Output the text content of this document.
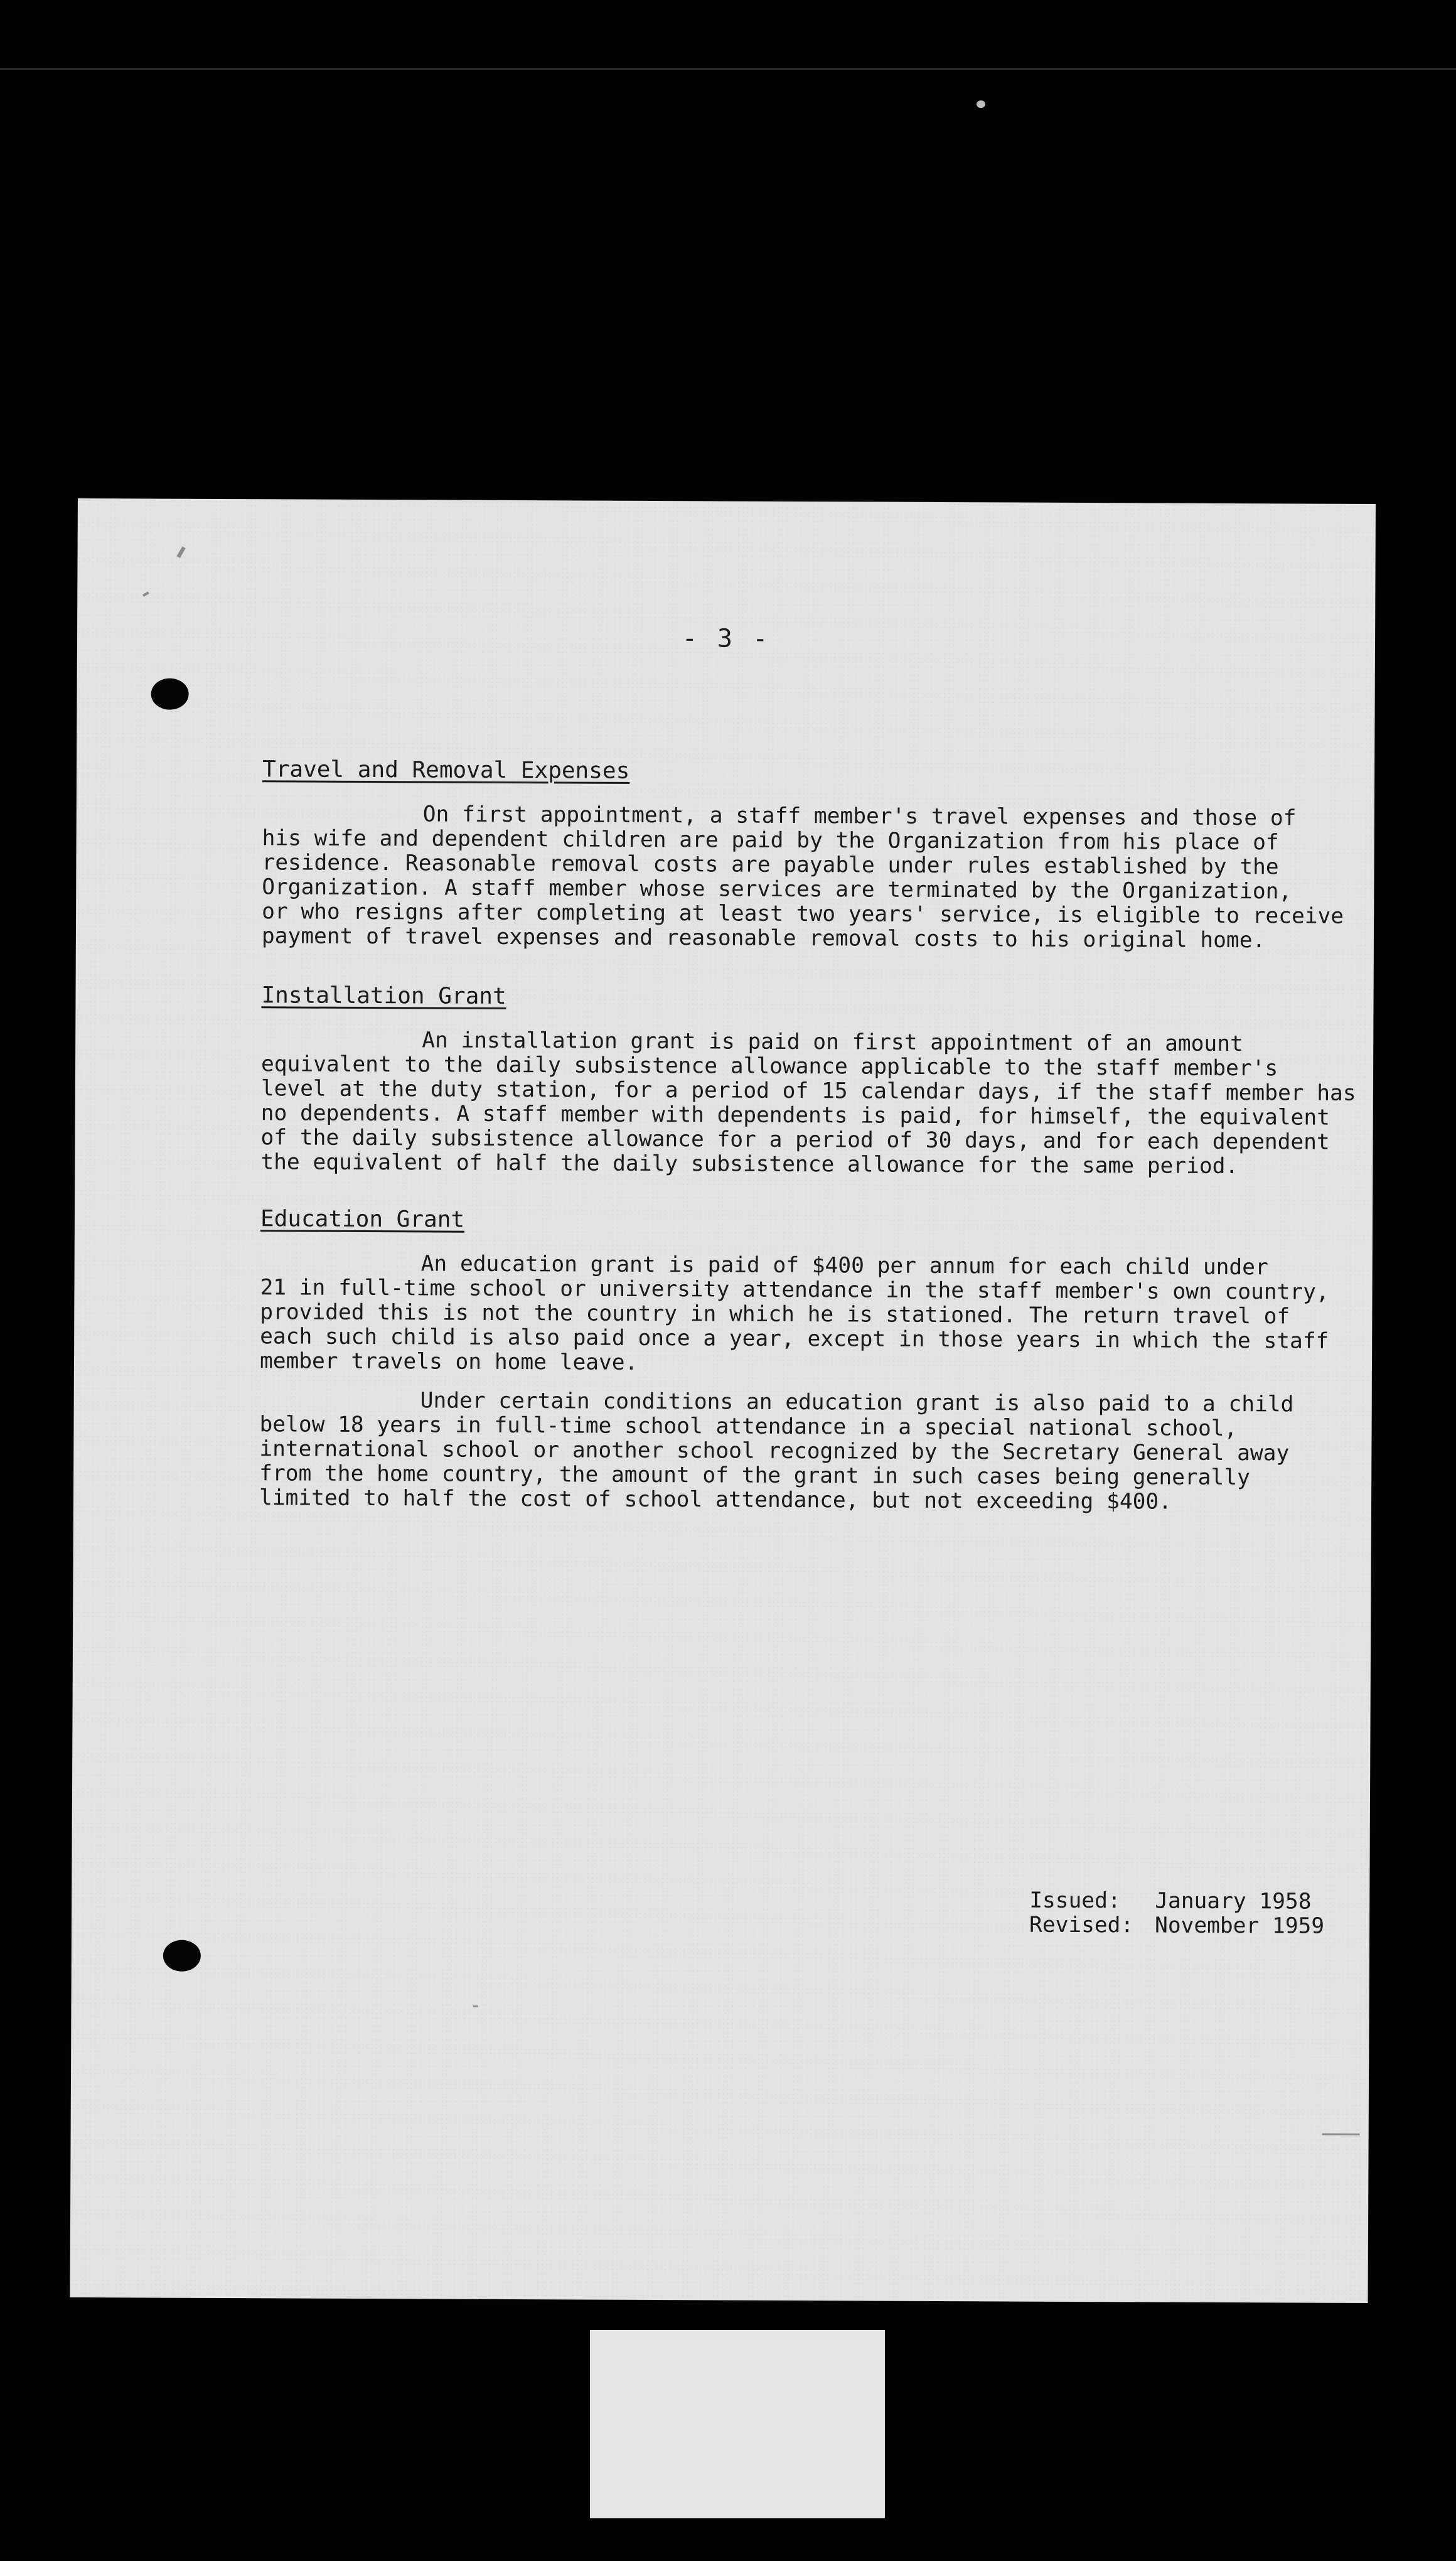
- 3 -
Travel and Removal Expenses

On first appointment, a staff member's travel expenses and those of
his wife and dependent children are paid by the Organization from his place of
residence. Reasonable removal costs are payable under rules established by the
Organization. A staff member whose services are terminated by the Organization,
or who resigns after completing at least two years' service, is eligible to receive
payment of travel expenses and reasonable removal costs to his original home.

Installation Grant

An installation grant is paid on first appointment of an amount
equivalent to the daily subsistence allowance applicable to the staff member's
level at the duty station, for a period of 15 calendar days, if the staff member has
no dependents. A staff member with dependents is paid, for himself, the equivalent
of the daily subsistence allowance for a period of 30 days, and for each dependent
the equivalent of half the daily subsistence allowance for the same period.

Education Grant

An education grant is paid of $400 per annum for each child under
21 in full-time school or university attendance in the staff member's own country,
provided this is not the country in which he is stationed. The return travel of
each such child is also paid once a year, except in those years in which the staff
member travels on home leave.

Under certain conditions an education grant is also paid to a child
below 18 years in full-time school attendance in a special national school,
international school or another school recognized by the Secretary General away
from the home country, the amount of the grant in such cases being generally
limited to half the cost of school attendance, but not exceeding $400.

Issued: January 1958
Revised: November 1959
